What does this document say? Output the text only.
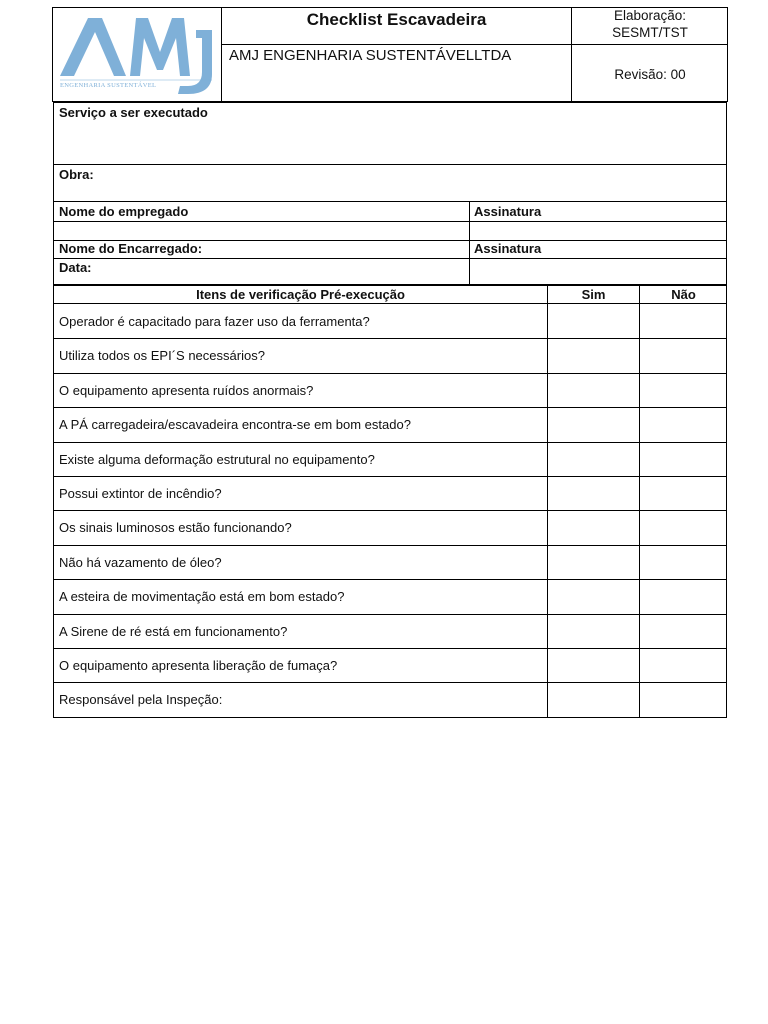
ENGENHARIA SUSTENTÁVEL
Checklist Escavadeira
AMJ ENGENHARIA SUSTENTÁVELLTDA
Elaboração:
SESMT/TST
Revisão: 00
Serviço a ser executado
Obra:
Nome do empregado	Assinatura
Nome do Encarregado:	Assinatura
Data:
Itens de verificação Pré-execução	Sim	Não
Operador é capacitado para fazer uso da ferramenta?
Utiliza todos os EPI´S necessários?
O equipamento apresenta ruídos anormais?
A PÁ carregadeira/escavadeira encontra-se em bom estado?
Existe alguma deformação estrutural no equipamento?
Possui extintor de incêndio?
Os sinais luminosos estão funcionando?
Não há vazamento de óleo?
A esteira de movimentação está em bom estado?
A Sirene de ré está em funcionamento?
O equipamento apresenta liberação de fumaça?
Responsável pela Inspeção:
